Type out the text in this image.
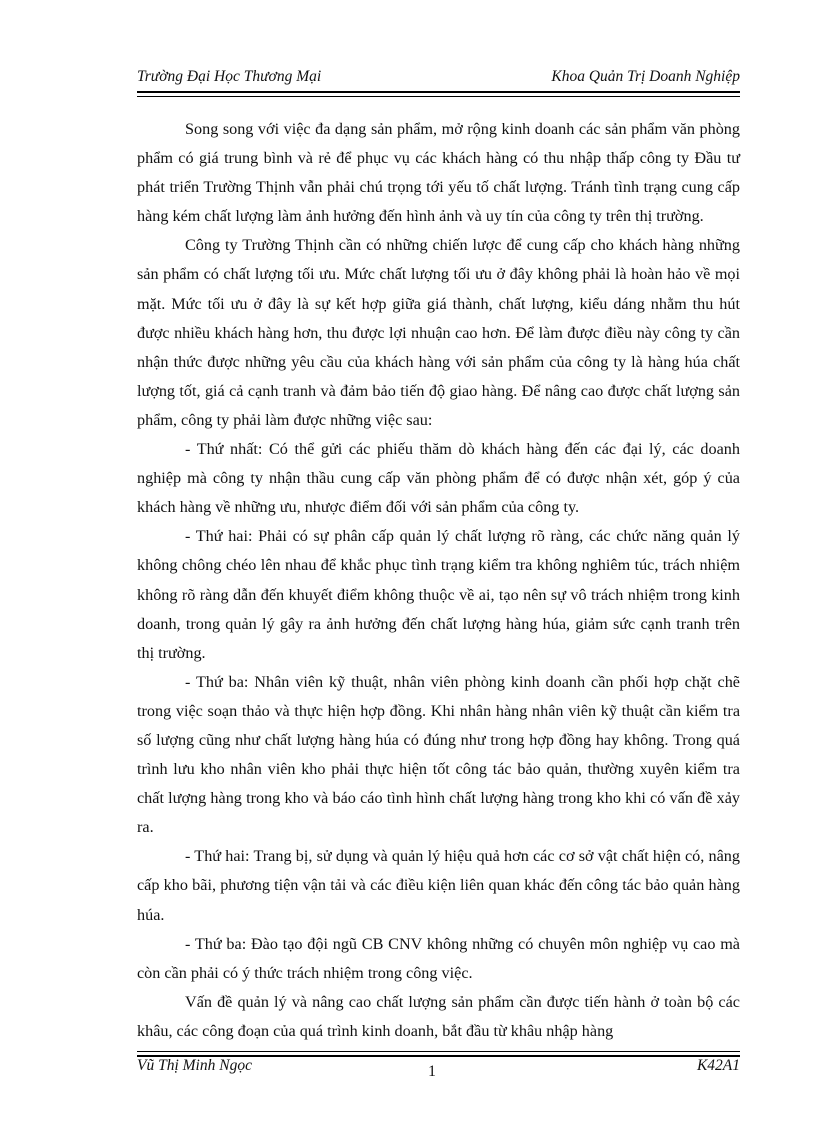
Trường Đại Học Thương Mại	Khoa Quản Trị Doanh Nghiệp

Song song với việc đa dạng sản phẩm, mở rộng kinh doanh các sản phẩm văn phòng phẩm có giá trung bình và rẻ để phục vụ các khách hàng có thu nhập thấp công ty Đầu tư phát triển Trường Thịnh vẫn phải chú trọng tới yếu tố chất lượng. Tránh tình trạng cung cấp hàng kém chất lượng làm ảnh hưởng đến hình ảnh và uy tín của công ty trên thị trường.

Công ty Trường Thịnh cần có những chiến lược để cung cấp cho khách hàng những sản phẩm có chất lượng tối ưu. Mức chất lượng tối ưu ở đây không phải là hoàn hảo về mọi mặt. Mức tối ưu ở đây là sự kết hợp giữa giá thành, chất lượng, kiểu dáng nhằm thu hút được nhiều khách hàng hơn, thu được lợi nhuận cao hơn. Để làm được điều này công ty cần nhận thức được những yêu cầu của khách hàng với sản phẩm của công ty là hàng húa chất lượng tốt, giá cả cạnh tranh và đảm bảo tiến độ giao hàng. Để nâng cao được chất lượng sản phẩm, công ty phải làm được những việc sau:

- Thứ nhất: Có thể gửi các phiếu thăm dò khách hàng đến các đại lý, các doanh nghiệp mà công ty nhận thầu cung cấp văn phòng phẩm để có được nhận xét, góp ý của khách hàng về những ưu, nhược điểm đối với sản phẩm của công ty.

- Thứ hai: Phải có sự phân cấp quản lý chất lượng rõ ràng, các chức năng quản lý không chông chéo lên nhau để khắc phục tình trạng kiểm tra không nghiêm túc, trách nhiệm không rõ ràng dẫn đến khuyết điểm không thuộc về ai, tạo nên sự vô trách nhiệm trong kinh doanh, trong quản lý gây ra ảnh hưởng đến chất lượng hàng húa, giảm sức cạnh tranh trên thị trường.

- Thứ ba: Nhân viên kỹ thuật, nhân viên phòng kinh doanh cần phối hợp chặt chẽ trong việc soạn thảo và thực hiện hợp đồng. Khi nhân hàng nhân viên kỹ thuật cần kiểm tra số lượng cũng như chất lượng hàng húa có đúng như trong hợp đồng hay không. Trong quá trình lưu kho nhân viên kho phải thực hiện tốt công tác bảo quản, thường xuyên kiểm tra chất lượng hàng trong kho và báo cáo tình hình chất lượng hàng trong kho khi có vấn đề xảy ra.

- Thứ hai: Trang bị, sử dụng và quản lý hiệu quả hơn các cơ sở vật chất hiện có, nâng cấp kho bãi, phương tiện vận tải và các điều kiện liên quan khác đến công tác bảo quản hàng húa.

- Thứ ba: Đào tạo đội ngũ CB CNV không những có chuyên môn nghiệp vụ cao mà còn cần phải có ý thức trách nhiệm trong công việc.

Vấn đề quản lý và nâng cao chất lượng sản phẩm cần được tiến hành ở toàn bộ các khâu, các công đoạn của quá trình kinh doanh, bắt đầu từ khâu nhập hàng

Vũ Thị Minh Ngọc	1	K42A1
